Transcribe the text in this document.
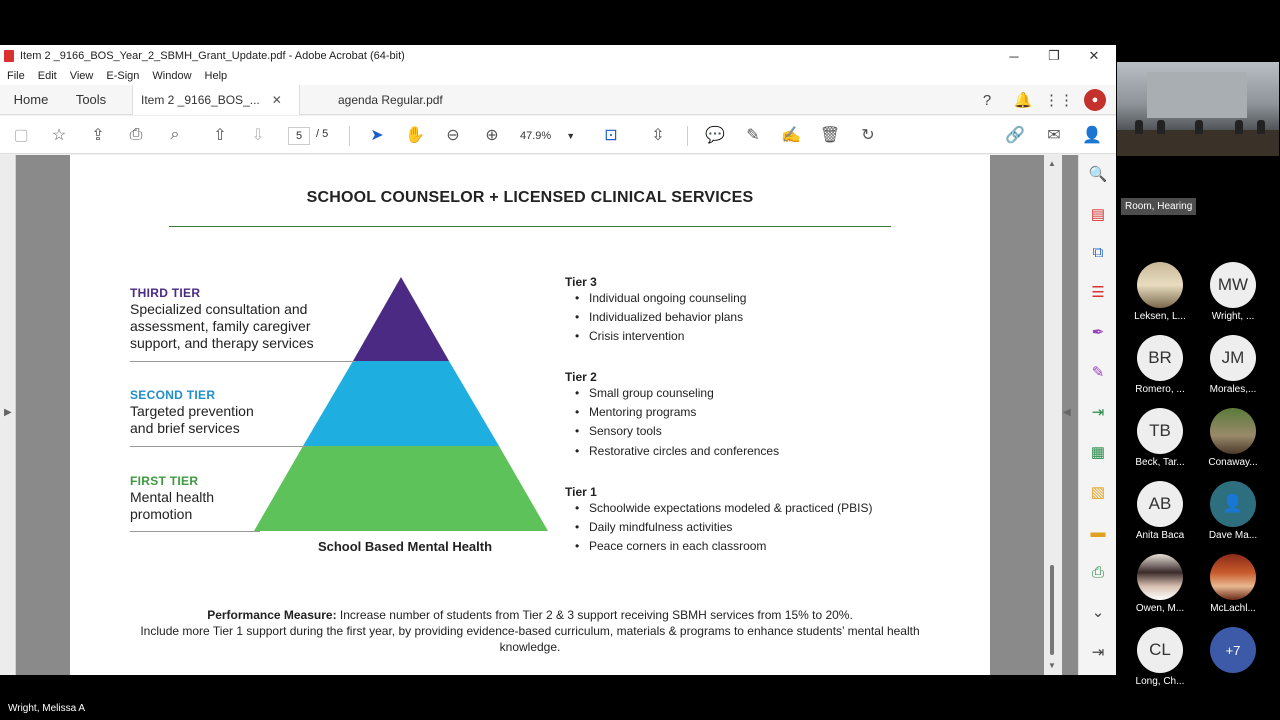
Item 2 _9166_BOS_Year_2_SBMH_Grant_Update.pdf - Adobe Acrobat (64-bit)	─	❐	✕
File	Edit	View	E-Sign	Window	Help
Home	Tools	Item 2 _9166_BOS_... ✕	agenda Regular.pdf	?	🔔 ⋮⋮	●
▢ ☆ ⇪ ⎙	⌕	⇧ ⇩	5	/ 5	➤ ✋ ⊖ ⊕	47.9% ▼ ⊡ ⇳	💬 ✎ ✍ 🗑 ↻	🔗 ✉ 👤
▶
SCHOOL COUNSELOR + LICENSED CLINICAL SERVICES
THIRD TIER
Specialized consultation and
assessment, family caregiver
support, and therapy services
SECOND TIER
Targeted prevention
and brief services
FIRST TIER
Mental health
promotion
School Based Mental Health
Tier 3
• Individual ongoing counseling
• Individualized behavior plans
• Crisis intervention
Tier 2
• Small group counseling
• Mentoring programs
• Sensory tools
• Restorative circles and conferences
Tier 1
• Schoolwide expectations modeled & practiced (PBIS)
• Daily mindfulness activities
• Peace corners in each classroom
Performance Measure: Increase number of students from Tier 2 & 3 support receiving SBMH services from 15% to 20%.
Include more Tier 1 support during the first year, by providing evidence-based curriculum, materials & programs to enhance students’ mental health
knowledge.
▲
▼
◀
🔍
▤
⧉
☰
✒
✎
⇥
▦
▧
▬
⎙
⌄
⇥
Room, Hearing
Leksen, L...
MW
Wright, ...
BR
Romero, ...
JM
Morales,...
TB
Beck, Tar...	Conaway...
AB
Anita Baca
👤
Dave Ma...
Owen, M...	McLachl...
CL
Long, Ch...
+7
Wright, Melissa A
